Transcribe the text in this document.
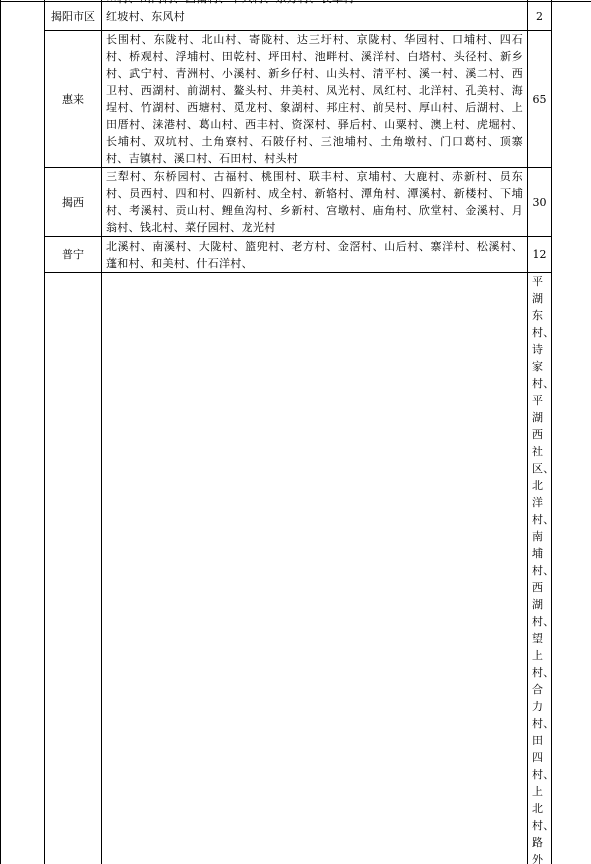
	揭阳市区	红坡村、东风村	2	
	惠来	长围村、东陇村、北山村、寄陇村、达三圩村、京陇村、华园村、口埔村、四石村、桥观村、浮埔村、田乾村、坪田村、池畔村、溪洋村、白塔村、头径村、新乡村、武宁村、青洲村、小溪村、新乡仔村、山头村、清平村、溪一村、溪二村、西卫村、西湖村、前湖村、鳌头村、井美村、凤光村、凤红村、北洋村、孔美村、海埕村、竹湖村、西塘村、觅龙村、象湖村、邦庄村、前吴村、厚山村、后湖村、上田厝村、涞港村、葛山村、西丰村、资深村、驿后村、山粟村、澳上村、虎堀村、长埔村、双坑村、土角寮村、石陂仔村、三池埔村、土角墩村、门口葛村、顶寨村、吉镇村、溪口村、石田村、村头村	65		
	揭西	三犁村、东桥园村、古福村、桃围村、联丰村、京埔村、大鹿村、赤新村、员东村、员西村、四和村、四新村、成全村、新辂村、潭角村、潭溪村、新楼村、下埔村、考溪村、贡山村、鲤鱼沟村、乡新村、宫墩村、庙角村、欣堂村、金溪村、月翁村、钱北村、菜仔园村、龙光村	30		
	普宁	北溪村、南溪村、大陇村、篮兜村、老方村、金滘村、山后村、寨洋村、松溪村、蓬和村、和美村、什石洋村、	12		
		平湖东村、诗家村、平湖西社区、北洋村、南埔村、西湖村、望上村、合力村、田四村、上北村、路外		
